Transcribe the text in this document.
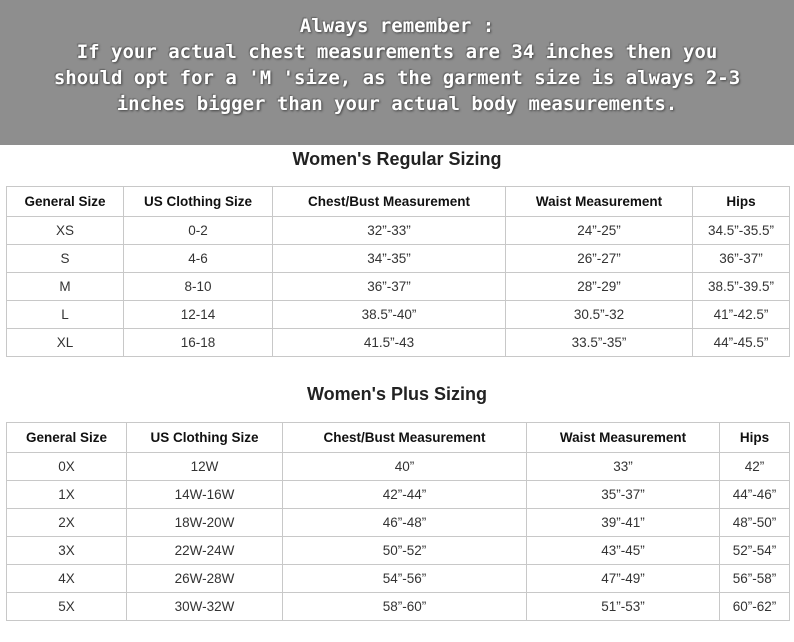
Always remember :
If your actual chest measurements are 34 inches then you
should opt for a 'M 'size, as the garment size is always 2-3
inches bigger than your actual body measurements.
Women's Regular Sizing
General Size	US Clothing Size	Chest/Bust Measurement	Waist Measurement	Hips
XS	0-2	32”-33”	24”-25”	34.5”-35.5”
S	4-6	34”-35”	26”-27”	36”-37”
M	8-10	36”-37”	28”-29”	38.5”-39.5”
L	12-14	38.5”-40”	30.5”-32	41”-42.5”
XL	16-18	41.5”-43	33.5”-35”	44”-45.5”
Women's Plus Sizing
General Size	US Clothing Size	Chest/Bust Measurement	Waist Measurement	Hips
0X	12W	40”	33”	42”
1X	14W-16W	42”-44”	35”-37”	44”-46”
2X	18W-20W	46”-48”	39”-41”	48”-50”
3X	22W-24W	50”-52”	43”-45”	52”-54”
4X	26W-28W	54”-56”	47”-49”	56”-58”
5X	30W-32W	58”-60”	51”-53”	60”-62”
